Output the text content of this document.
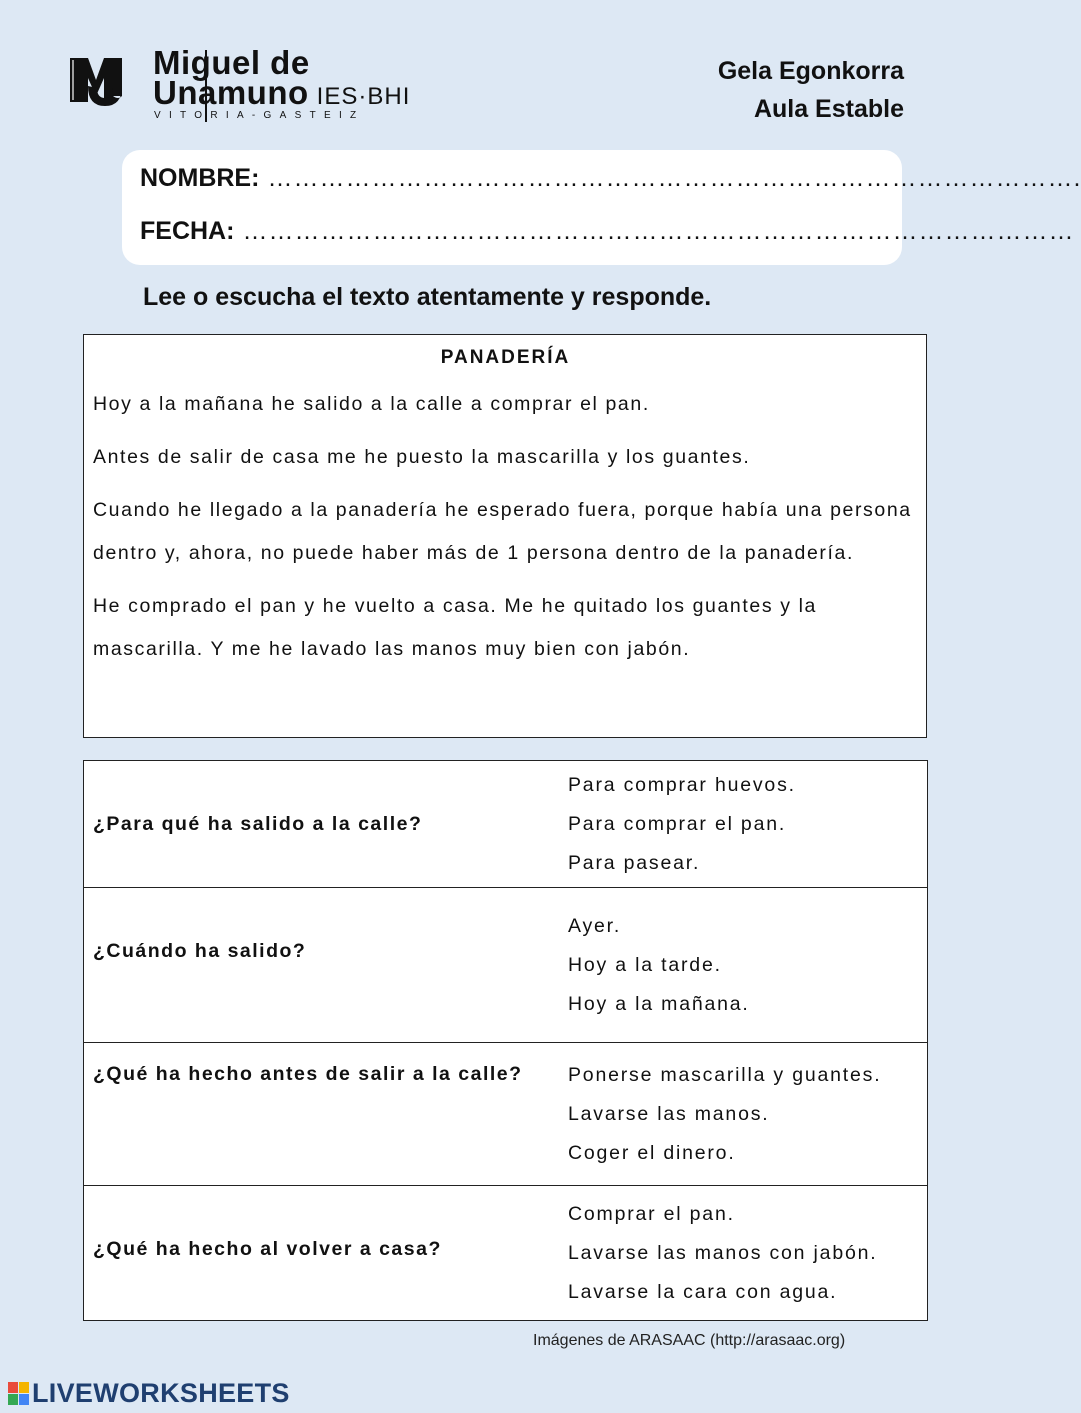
Miguel de
Unamuno IES·BHI
VITORIA-GASTEIZ
Gela Egonkorra
Aula Estable
NOMBRE: ………………………………………………………………………………….
FECHA: ……………………………………………………………………………………
Lee o escucha el texto atentamente y responde.
PANADERÍA

Hoy a la mañana he salido a la calle a comprar el pan.

Antes de salir de casa me he puesto la mascarilla y los guantes.

Cuando he llegado a la panadería he esperado fuera, porque había una persona dentro y, ahora, no puede haber más de 1 persona dentro de la panadería.

He comprado el pan y he vuelto a casa. Me he quitado los guantes y la mascarilla. Y me he lavado las manos muy bien con jabón.

¿Para qué ha salido a la calle?	Para comprar huevos.
Para comprar el pan.
Para pasear.

¿Cuándo ha salido?	Ayer.
Hoy a la tarde.
Hoy a la mañana.

¿Qué ha hecho antes de salir a la calle?	Ponerse mascarilla y guantes.
Lavarse las manos.
Coger el dinero.

¿Qué ha hecho al volver a casa?	Comprar el pan.
Lavarse las manos con jabón.
Lavarse la cara con agua.
Imágenes de ARASAAC (http://arasaac.org)
LIVEWORKSHEETS
